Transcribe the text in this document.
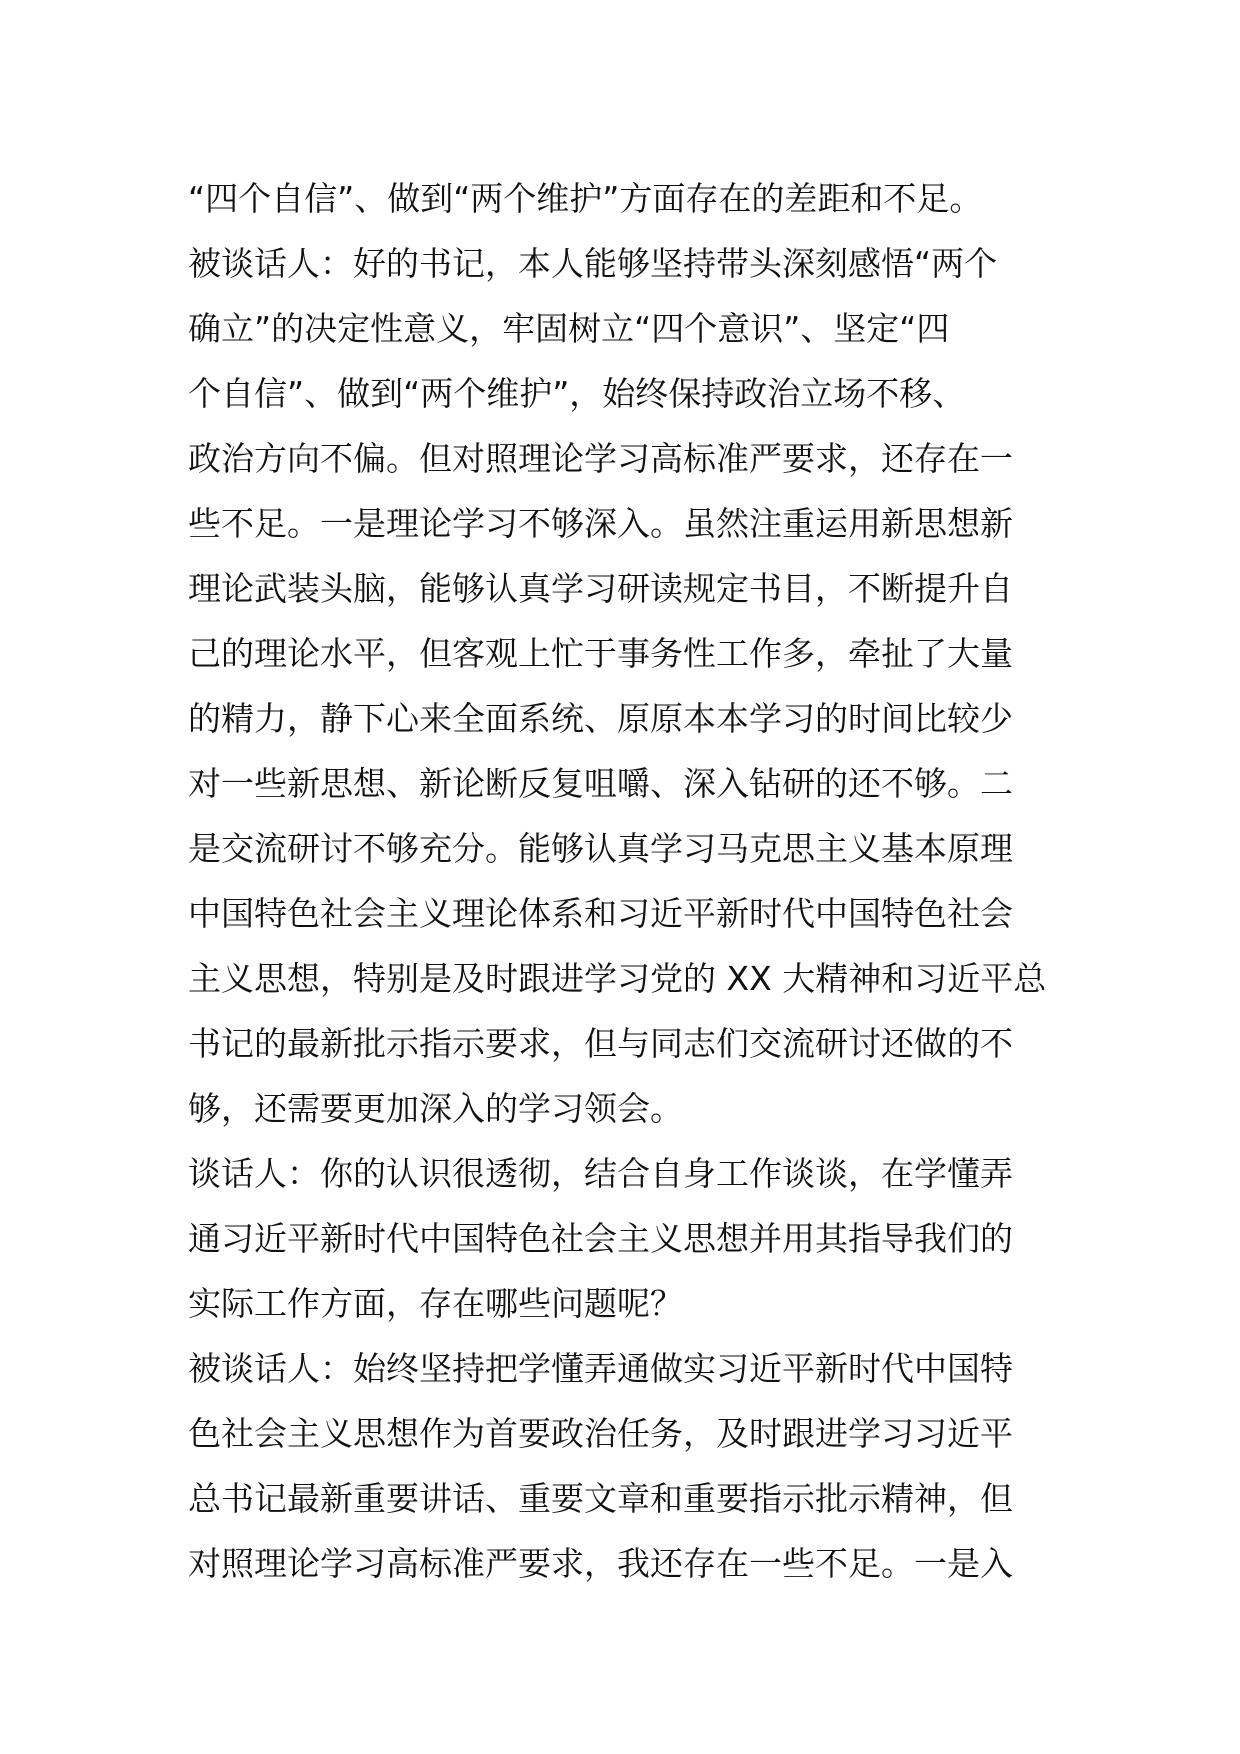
“四个自信”、做到“两个维护”方面存在的差距和不足。
被谈话人：好的书记，本人能够坚持带头深刻感悟“两个
确立”的决定性意义，牢固树立“四个意识”、坚定“四
个自信”、做到“两个维护”，始终保持政治立场不移、
政治方向不偏。但对照理论学习高标准严要求，还存在一
些不足。一是理论学习不够深入。虽然注重运用新思想新
理论武装头脑，能够认真学习研读规定书目，不断提升自
己的理论水平，但客观上忙于事务性工作多，牵扯了大量
的精力，静下心来全面系统、原原本本学习的时间比较少
对一些新思想、新论断反复咀嚼、深入钻研的还不够。二
是交流研讨不够充分。能够认真学习马克思主义基本原理
中国特色社会主义理论体系和习近平新时代中国特色社会
主义思想，特别是及时跟进学习党的 XX 大精神和习近平总
书记的最新批示指示要求，但与同志们交流研讨还做的不
够，还需要更加深入的学习领会。
谈话人：你的认识很透彻，结合自身工作谈谈，在学懂弄
通习近平新时代中国特色社会主义思想并用其指导我们的
实际工作方面，存在哪些问题呢？
被谈话人：始终坚持把学懂弄通做实习近平新时代中国特
色社会主义思想作为首要政治任务，及时跟进学习习近平
总书记最新重要讲话、重要文章和重要指示批示精神，但
对照理论学习高标准严要求，我还存在一些不足。一是入
